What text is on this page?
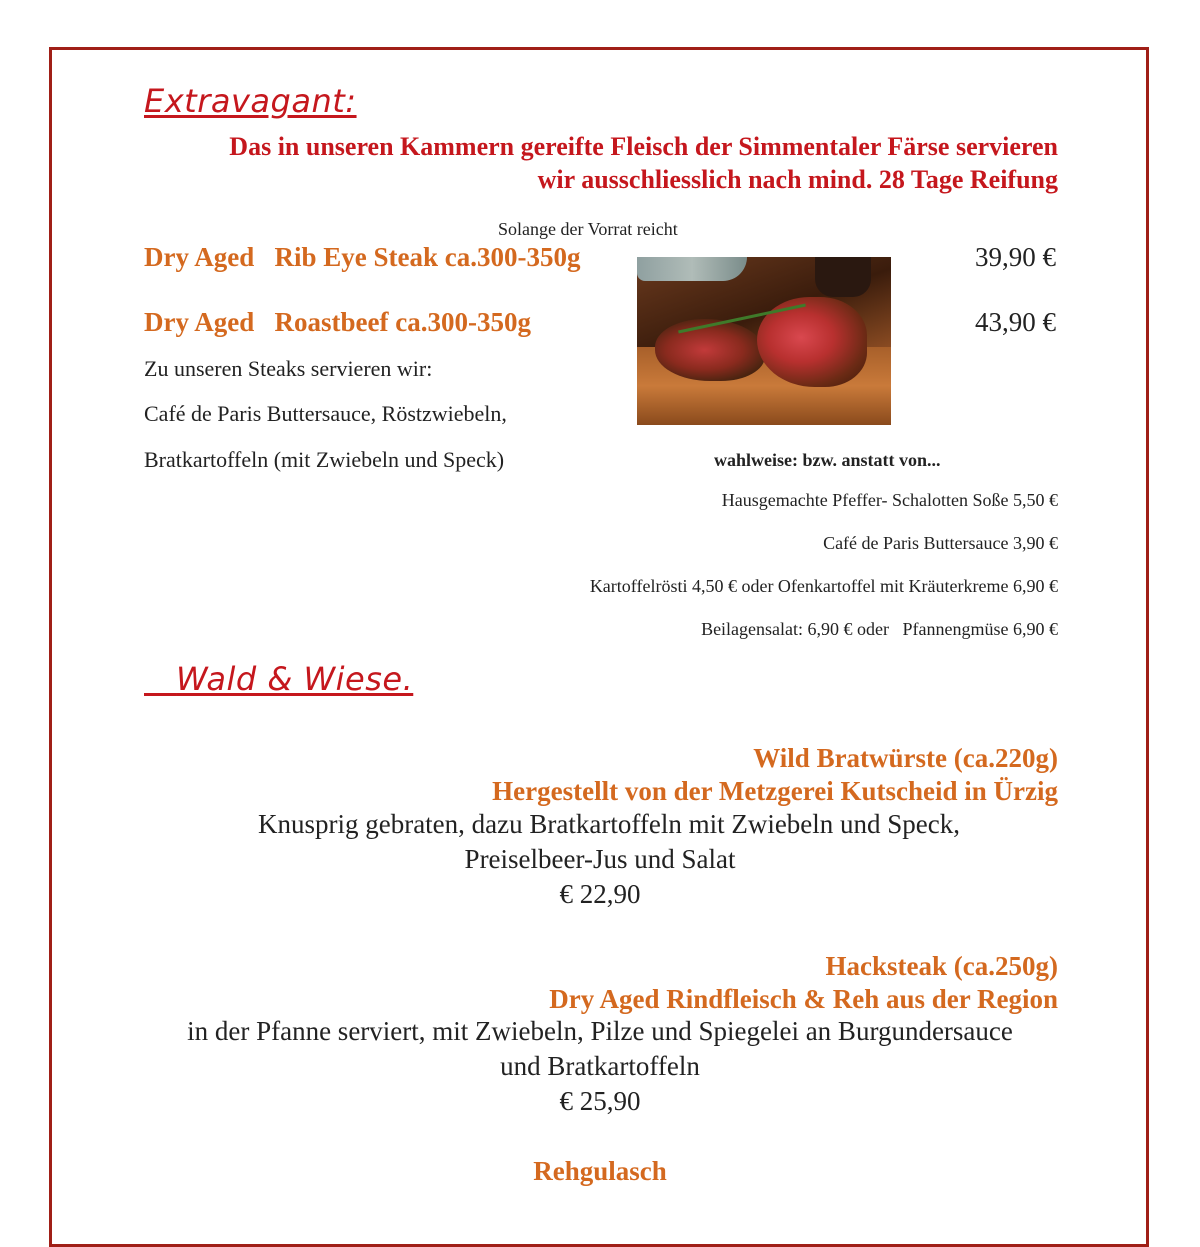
Extravagant:
Das in unseren Kammern gereifte Fleisch der Simmentaler Färse servieren
wir ausschliesslich nach mind. 28 Tage Reifung
Solange der Vorrat reicht
Dry Aged Rib Eye Steak ca.300-350g	39,90 €
Dry Aged Roastbeef ca.300-350g	43,90 €
Zu unseren Steaks servieren wir:
Café de Paris Buttersauce, Röstzwiebeln,
Bratkartoffeln (mit Zwiebeln und Speck)	wahlweise: bzw. anstatt von...
Hausgemachte Pfeffer- Schalotten Soße 5,50 €
Café de Paris Buttersauce 3,90 €
Kartoffelrösti 4,50 € oder Ofenkartoffel mit Kräuterkreme 6,90 €
Beilagensalat: 6,90 € oder   Pfannengmüse 6,90 €
Wald & Wiese.
Wild Bratwürste (ca.220g)
Hergestellt von der Metzgerei Kutscheid in Ürzig
Knusprig gebraten, dazu Bratkartoffeln mit Zwiebeln und Speck,
Preiselbeer-Jus und Salat
€ 22,90
Hacksteak (ca.250g)
Dry Aged Rindfleisch & Reh aus der Region
in der Pfanne serviert, mit Zwiebeln, Pilze und Spiegelei an Burgundersauce
und Bratkartoffeln
€ 25,90
Rehgulasch
